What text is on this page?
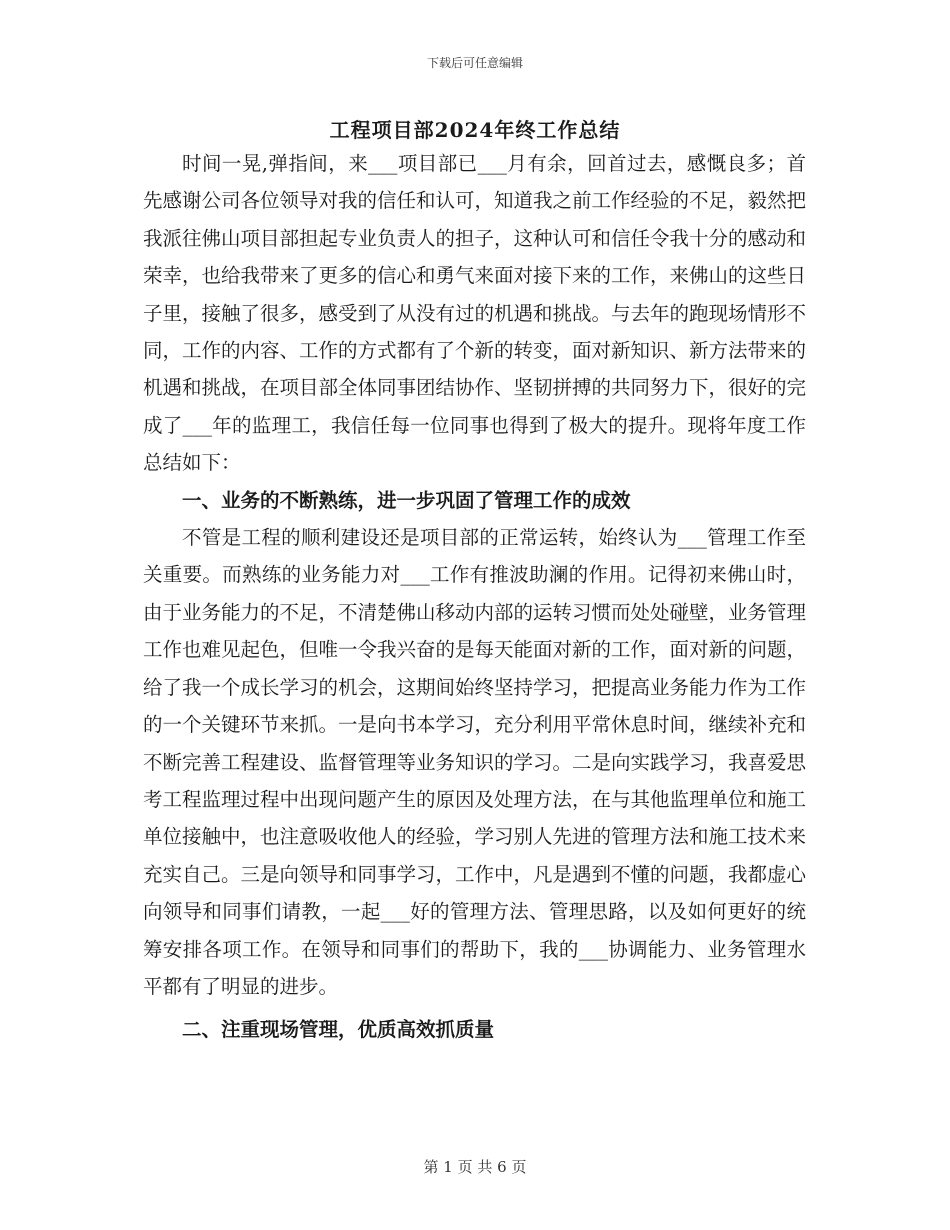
下载后可任意编辑
工程项目部2024年终工作总结

时间一晃,弹指间，来___项目部已___月有余，回首过去，感慨良多；首先感谢公司各位领导对我的信任和认可，知道我之前工作经验的不足，毅然把我派往佛山项目部担起专业负责人的担子，这种认可和信任令我十分的感动和荣幸，也给我带来了更多的信心和勇气来面对接下来的工作，来佛山的这些日子里，接触了很多，感受到了从没有过的机遇和挑战。与去年的跑现场情形不同，工作的内容、工作的方式都有了个新的转变，面对新知识、新方法带来的机遇和挑战，在项目部全体同事团结协作、坚韧拼搏的共同努力下，很好的完成了___年的监理工，我信任每一位同事也得到了极大的提升。现将年度工作总结如下：

一、业务的不断熟练，进一步巩固了管理工作的成效

不管是工程的顺利建设还是项目部的正常运转，始终认为___管理工作至关重要。而熟练的业务能力对___工作有推波助澜的作用。记得初来佛山时，由于业务能力的不足，不清楚佛山移动内部的运转习惯而处处碰壁，业务管理工作也难见起色，但唯一令我兴奋的是每天能面对新的工作，面对新的问题，给了我一个成长学习的机会，这期间始终坚持学习，把提高业务能力作为工作的一个关键环节来抓。一是向书本学习，充分利用平常休息时间，继续补充和不断完善工程建设、监督管理等业务知识的学习。二是向实践学习，我喜爱思考工程监理过程中出现问题产生的原因及处理方法，在与其他监理单位和施工单位接触中，也注意吸收他人的经验，学习别人先进的管理方法和施工技术来充实自己。三是向领导和同事学习，工作中，凡是遇到不懂的问题，我都虚心向领导和同事们请教，一起___好的管理方法、管理思路，以及如何更好的统筹安排各项工作。在领导和同事们的帮助下，我的___协调能力、业务管理水平都有了明显的进步。

二、注重现场管理，优质高效抓质量
第 1 页 共 6 页
